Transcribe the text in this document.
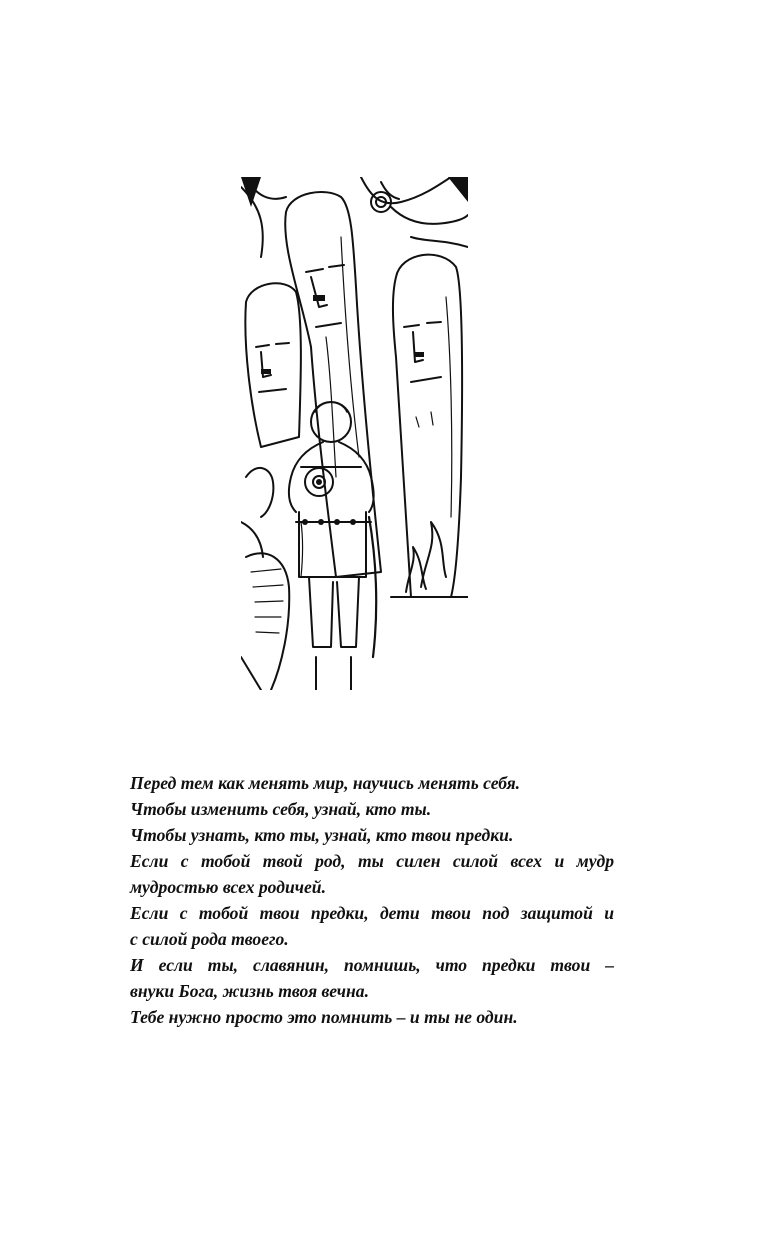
Перед тем как менять мир, научись менять себя.
Чтобы изменить себя, узнай, кто ты.
Чтобы узнать, кто ты, узнай, кто твои предки.
Если с тобой твой род, ты силен силой всех и мудр
мудростью всех родичей.
Если с тобой твои предки, дети твои под защитой и
с силой рода твоего.
И если ты, славянин, помнишь, что предки твои –
внуки Бога, жизнь твоя вечна.
Тебе нужно просто это помнить – и ты не один.
